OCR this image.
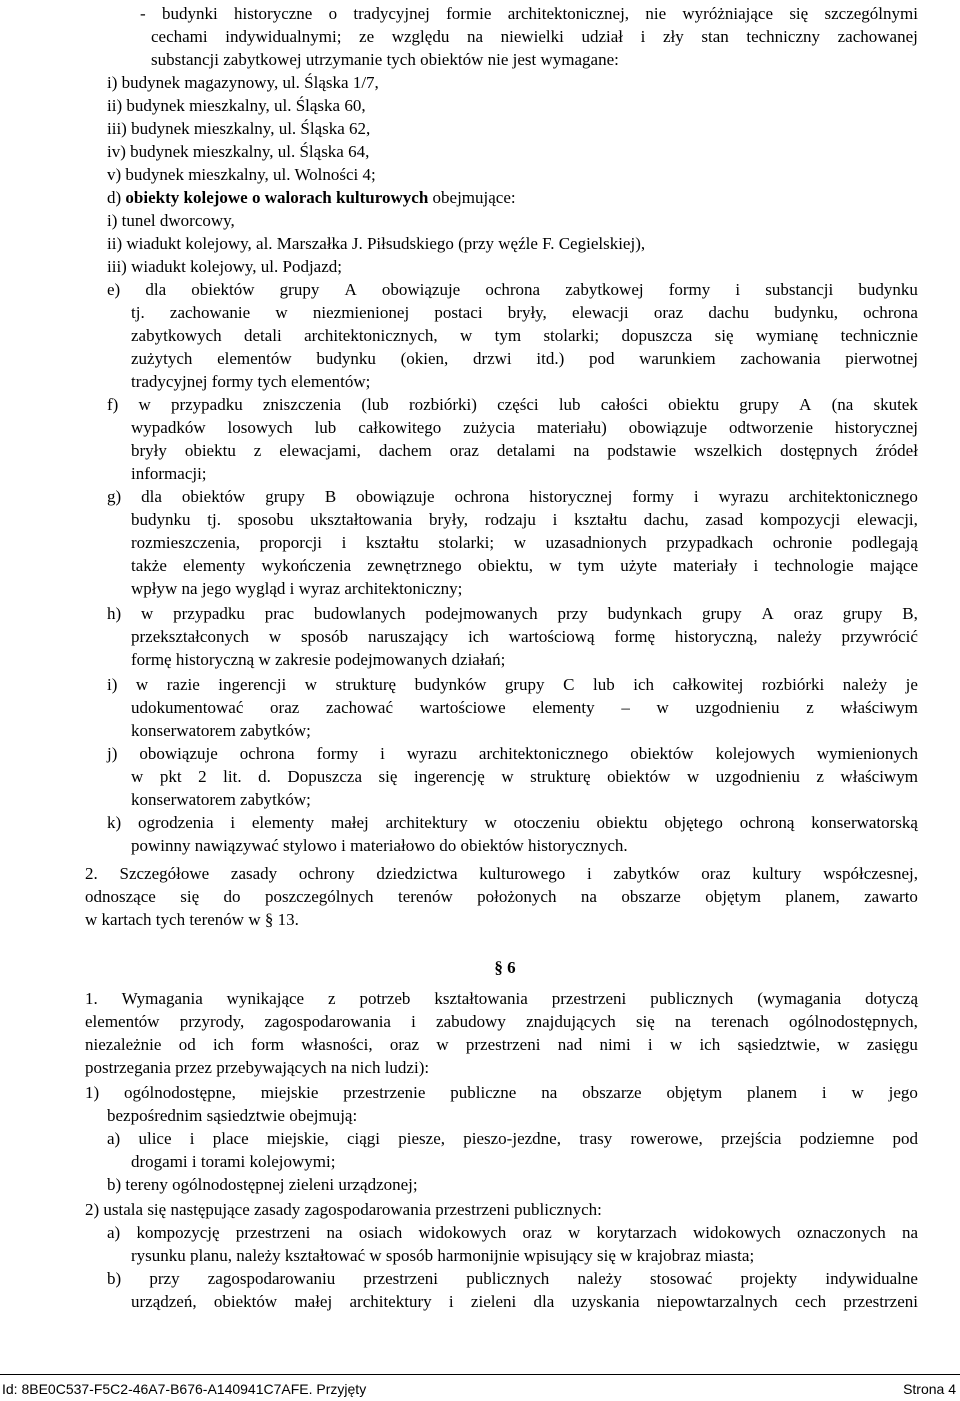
- budynki historyczne o tradycyjnej formie architektonicznej, nie wyróżniające się szczególnymi
cechami indywidualnymi; ze względu na niewielki udział i zły stan techniczny zachowanej
substancji zabytkowej utrzymanie tych obiektów nie jest wymagane:
i) budynek magazynowy, ul. Śląska 1/7,
ii) budynek mieszkalny, ul. Śląska 60,
iii) budynek mieszkalny, ul. Śląska 62,
iv) budynek mieszkalny, ul. Śląska 64,
v) budynek mieszkalny, ul. Wolności 4;
d) obiekty kolejowe o walorach kulturowych obejmujące:
i) tunel dworcowy,
ii) wiadukt kolejowy, al. Marszałka J. Piłsudskiego (przy węźle F. Cegielskiej),
iii) wiadukt kolejowy, ul. Podjazd;
e) dla obiektów grupy A obowiązuje ochrona zabytkowej formy i substancji budynku
tj. zachowanie w niezmienionej postaci bryły, elewacji oraz dachu budynku, ochrona
zabytkowych detali architektonicznych, w tym stolarki; dopuszcza się wymianę technicznie
zużytych elementów budynku (okien, drzwi itd.) pod warunkiem zachowania pierwotnej
tradycyjnej formy tych elementów;
f) w przypadku zniszczenia (lub rozbiórki) części lub całości obiektu grupy A (na skutek
wypadków losowych lub całkowitego zużycia materiału) obowiązuje odtworzenie historycznej
bryły obiektu z elewacjami, dachem oraz detalami na podstawie wszelkich dostępnych źródeł
informacji;
g) dla obiektów grupy B obowiązuje ochrona historycznej formy i wyrazu architektonicznego
budynku tj. sposobu ukształtowania bryły, rodzaju i kształtu dachu, zasad kompozycji elewacji,
rozmieszczenia, proporcji i kształtu stolarki; w uzasadnionych przypadkach ochronie podlegają
także elementy wykończenia zewnętrznego obiektu, w tym użyte materiały i technologie mające
wpływ na jego wygląd i wyraz architektoniczny;
h) w przypadku prac budowlanych podejmowanych przy budynkach grupy A oraz grupy B,
przekształconych w sposób naruszający ich wartościową formę historyczną, należy przywrócić
formę historyczną w zakresie podejmowanych działań;
i) w razie ingerencji w strukturę budynków grupy C lub ich całkowitej rozbiórki należy je
udokumentować oraz zachować wartościowe elementy – w uzgodnieniu z właściwym
konserwatorem zabytków;
j) obowiązuje ochrona formy i wyrazu architektonicznego obiektów kolejowych wymienionych
w pkt 2 lit. d. Dopuszcza się ingerencję w strukturę obiektów w uzgodnieniu z właściwym
konserwatorem zabytków;
k) ogrodzenia i elementy małej architektury w otoczeniu obiektu objętego ochroną konserwatorską
powinny nawiązywać stylowo i materiałowo do obiektów historycznych.
2. Szczegółowe zasady ochrony dziedzictwa kulturowego i zabytków oraz kultury współczesnej,
odnoszące się do poszczególnych terenów położonych na obszarze objętym planem, zawarto
w kartach tych terenów w § 13.
1. Wymagania wynikające z potrzeb kształtowania przestrzeni publicznych (wymagania dotyczą
elementów przyrody, zagospodarowania i zabudowy znajdujących się na terenach ogólnodostępnych,
niezależnie od ich form własności, oraz w przestrzeni nad nimi i w ich sąsiedztwie, w zasięgu
postrzegania przez przebywających na nich ludzi):
1) ogólnodostępne, miejskie przestrzenie publiczne na obszarze objętym planem i w jego
bezpośrednim sąsiedztwie obejmują:
a) ulice i place miejskie, ciągi piesze, pieszo-jezdne, trasy rowerowe, przejścia podziemne pod
drogami i torami kolejowymi;
b) tereny ogólnodostępnej zieleni urządzonej;
2) ustala się następujące zasady zagospodarowania przestrzeni publicznych:
a) kompozycję przestrzeni na osiach widokowych oraz w korytarzach widokowych oznaczonych na
rysunku planu, należy kształtować w sposób harmonijnie wpisujący się w krajobraz miasta;
b) przy zagospodarowaniu przestrzeni publicznych należy stosować projekty indywidualne
urządzeń, obiektów małej architektury i zieleni dla uzyskania niepowtarzalnych cech przestrzeni
§ 6
Id: 8BE0C537-F5C2-46A7-B676-A140941C7AFE. Przyjęty	Strona 4
